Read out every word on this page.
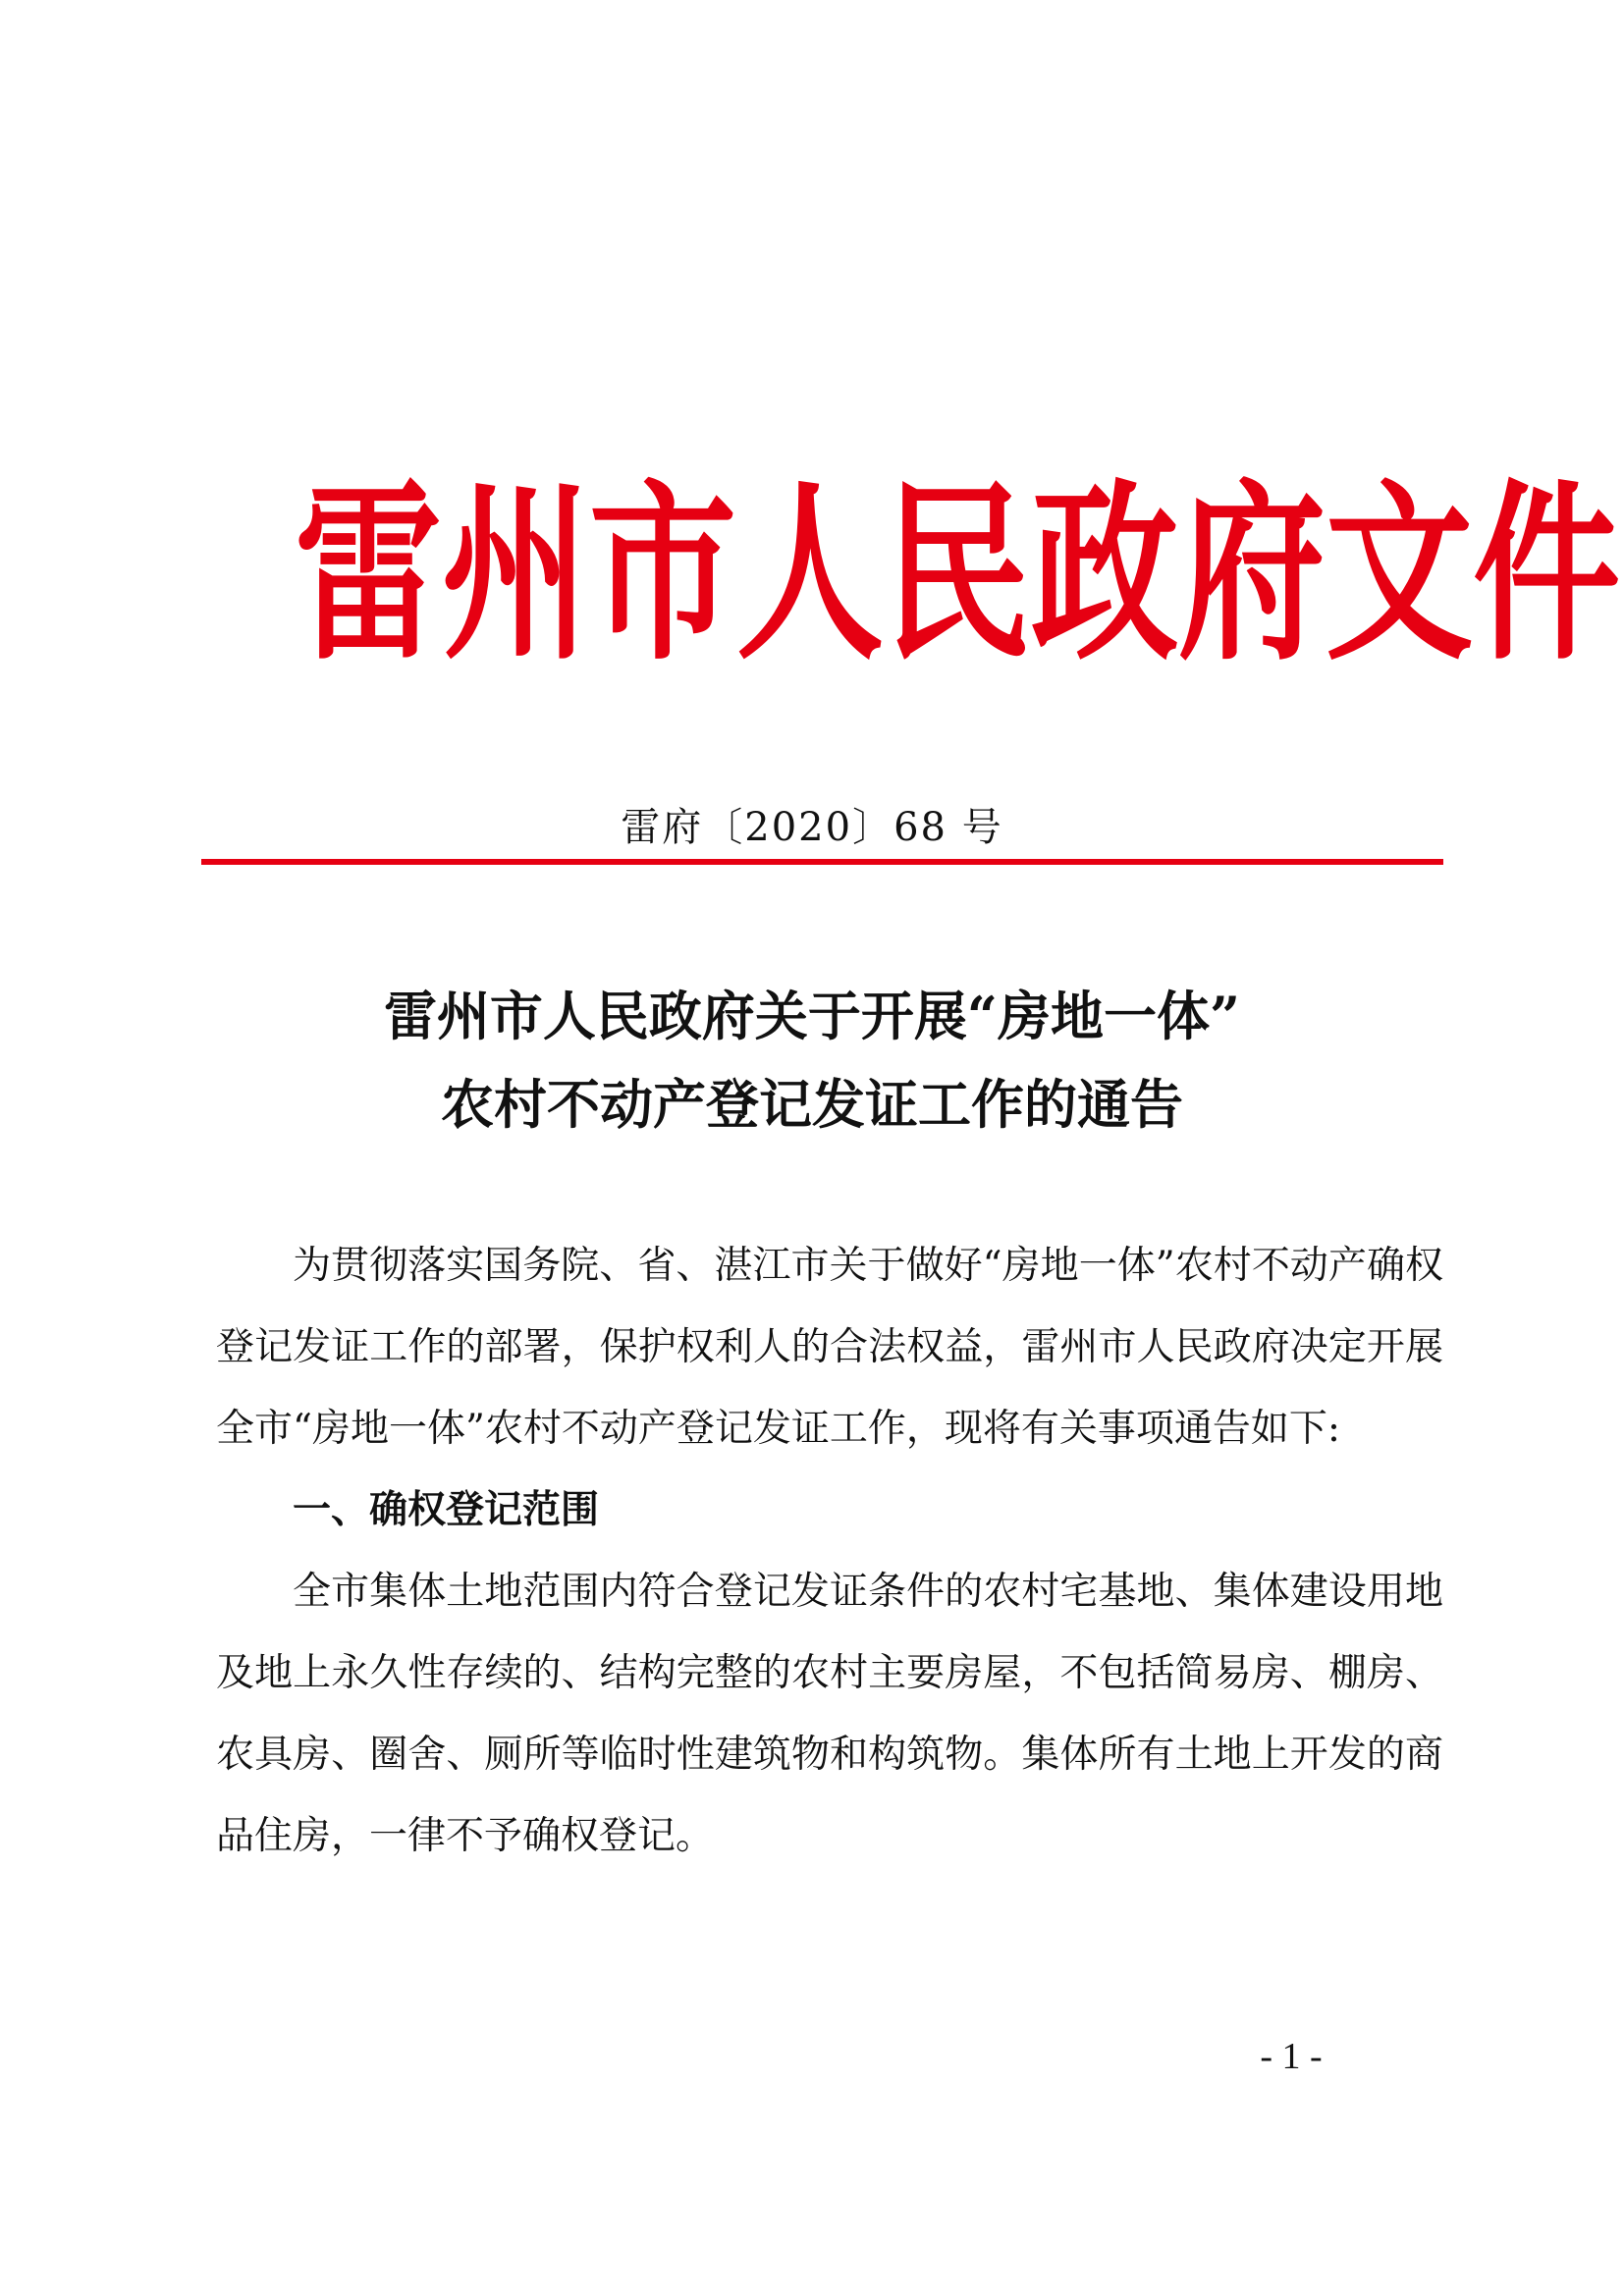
雷 州 市 人 民 政 府 文 件
雷府〔2020〕68 号
雷州市人民政府关于开展“房地一体”
农村不动产登记发证工作的通告

为贯彻落实国务院、省、湛江市关于做好“房地一体”农村不动产确权登记发证工作的部署，保护权利人的合法权益，雷州市人民政府决定开展全市“房地一体”农村不动产登记发证工作，现将有关事项通告如下:

一、确权登记范围

全市集体土地范围内符合登记发证条件的农村宅基地、集体建设用地及地上永久性存续的、结构完整的农村主要房屋，不包括简易房、棚房、农具房、圈舍、厕所等临时性建筑物和构筑物。集体所有土地上开发的商品住房，一律不予确权登记。

- 1 -
